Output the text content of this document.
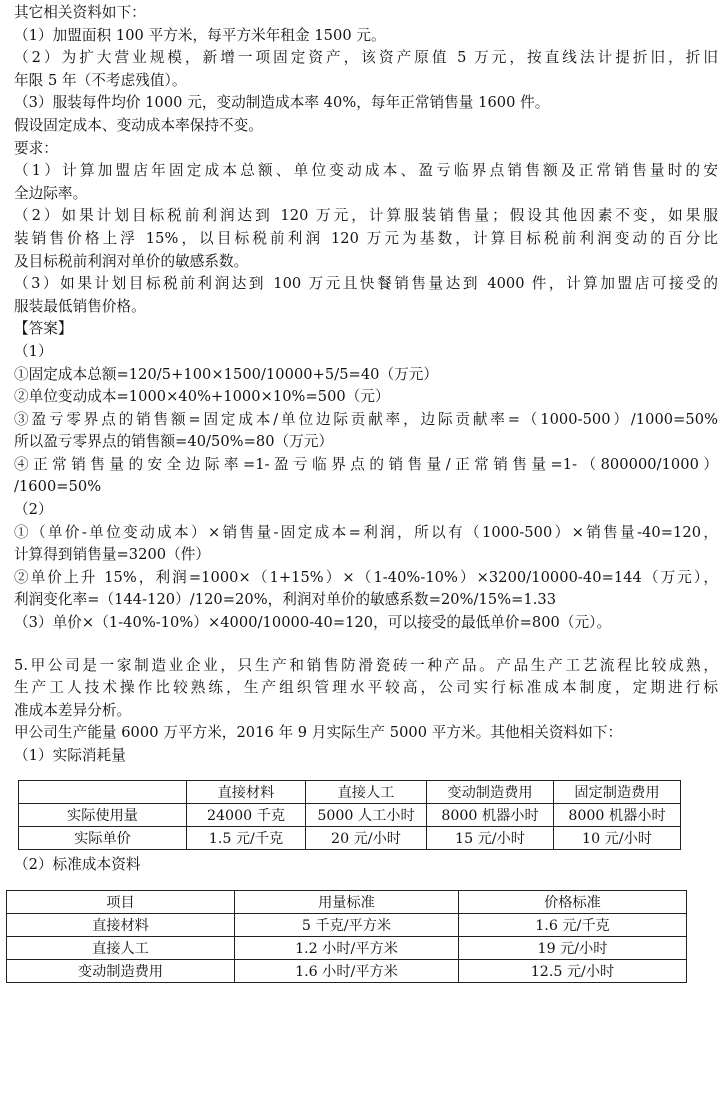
其它相关资料如下：
（1）加盟面积 100 平方米，每平方米年租金 1500 元。
（2）为扩大营业规模，新增一项固定资产，该资产原值 5 万元，按直线法计提折旧，折旧
年限 5 年（不考虑残值）。
（3）服装每件均价 1000 元，变动制造成本率 40%，每年正常销售量 1600 件。
假设固定成本、变动成本率保持不变。
要求：
（1）计算加盟店年固定成本总额、单位变动成本、盈亏临界点销售额及正常销售量时的安
全边际率。
（2）如果计划目标税前利润达到 120 万元，计算服装销售量；假设其他因素不变，如果服
装销售价格上浮 15%，以目标税前利润 120 万元为基数，计算目标税前利润变动的百分比
及目标税前利润对单价的敏感系数。
（3）如果计划目标税前利润达到 100 万元且快餐销售量达到 4000 件，计算加盟店可接受的
服装最低销售价格。
【答案】
（1）
①固定成本总额=120/5+100×1500/10000+5/5=40（万元）
②单位变动成本=1000×40%+1000×10%=500（元）
③盈亏零界点的销售额=固定成本/单位边际贡献率，边际贡献率=（1000-500）/1000=50%
所以盈亏零界点的销售额=40/50%=80（万元）
④正常销售量的安全边际率=1-盈亏临界点的销售量/正常销售量=1-（800000/1000）
/1600=50%
（2）
①（单价-单位变动成本）×销售量-固定成本=利润，所以有（1000-500）×销售量-40=120，
计算得到销售量=3200（件）
②单价上升 15%，利润=1000×（1+15%）×（1-40%-10%）×3200/10000-40=144（万元），
利润变化率=（144-120）/120=20%，利润对单价的敏感系数=20%/15%=1.33
（3）单价×（1-40%-10%）×4000/10000-40=120，可以接受的最低单价=800（元）。
5.甲公司是一家制造业企业，只生产和销售防滑瓷砖一种产品。产品生产工艺流程比较成熟，
生产工人技术操作比较熟练，生产组织管理水平较高，公司实行标准成本制度，定期进行标
准成本差异分析。
甲公司生产能量 6000 万平方米，2016 年 9 月实际生产 5000 平方米。其他相关资料如下：
（1）实际消耗量
	直接材料	直接人工	变动制造费用	固定制造费用
实际使用量	24000 千克	5000 人工小时	8000 机器小时	8000 机器小时
实际单价	1.5 元/千克	20 元/小时	15 元/小时	10 元/小时
（2）标准成本资料
项目	用量标准	价格标准
直接材料	5 千克/平方米	1.6 元/千克
直接人工	1.2 小时/平方米	19 元/小时
变动制造费用	1.6 小时/平方米	12.5 元/小时
